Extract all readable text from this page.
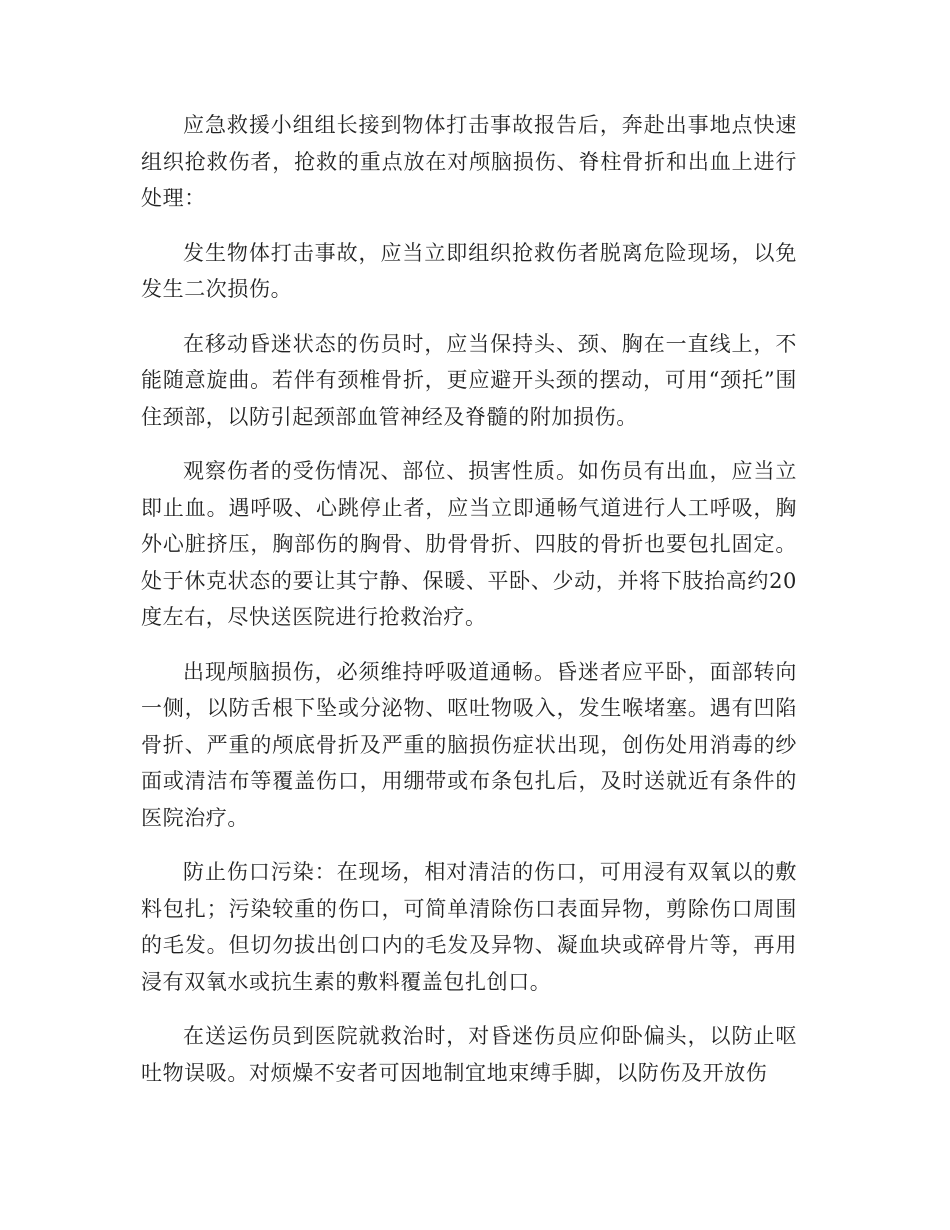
应急救援小组组长接到物体打击事故报告后，奔赴出事地点快速组织抢救伤者，抢救的重点放在对颅脑损伤、脊柱骨折和出血上进行处理：

发生物体打击事故，应当立即组织抢救伤者脱离危险现场，以免发生二次损伤。

在移动昏迷状态的伤员时，应当保持头、颈、胸在一直线上，不能随意旋曲。若伴有颈椎骨折，更应避开头颈的摆动，可用“颈托”围住颈部，以防引起颈部血管神经及脊髓的附加损伤。

观察伤者的受伤情况、部位、损害性质。如伤员有出血，应当立即止血。遇呼吸、心跳停止者，应当立即通畅气道进行人工呼吸，胸外心脏挤压，胸部伤的胸骨、肋骨骨折、四肢的骨折也要包扎固定。处于休克状态的要让其宁静、保暖、平卧、少动，并将下肢抬高约20度左右，尽快送医院进行抢救治疗。

出现颅脑损伤，必须维持呼吸道通畅。昏迷者应平卧，面部转向一侧，以防舌根下坠或分泌物、呕吐物吸入，发生喉堵塞。遇有凹陷骨折、严重的颅底骨折及严重的脑损伤症状出现，创伤处用消毒的纱面或清洁布等覆盖伤口，用绷带或布条包扎后，及时送就近有条件的医院治疗。

防止伤口污染：在现场，相对清洁的伤口，可用浸有双氧以的敷料包扎；污染较重的伤口，可简单清除伤口表面异物，剪除伤口周围的毛发。但切勿拔出创口内的毛发及异物、凝血块或碎骨片等，再用浸有双氧水或抗生素的敷料覆盖包扎创口。

在送运伤员到医院就救治时，对昏迷伤员应仰卧偏头，以防止呕吐物误吸。对烦燥不安者可因地制宜地束缚手脚，以防伤及开放伤
